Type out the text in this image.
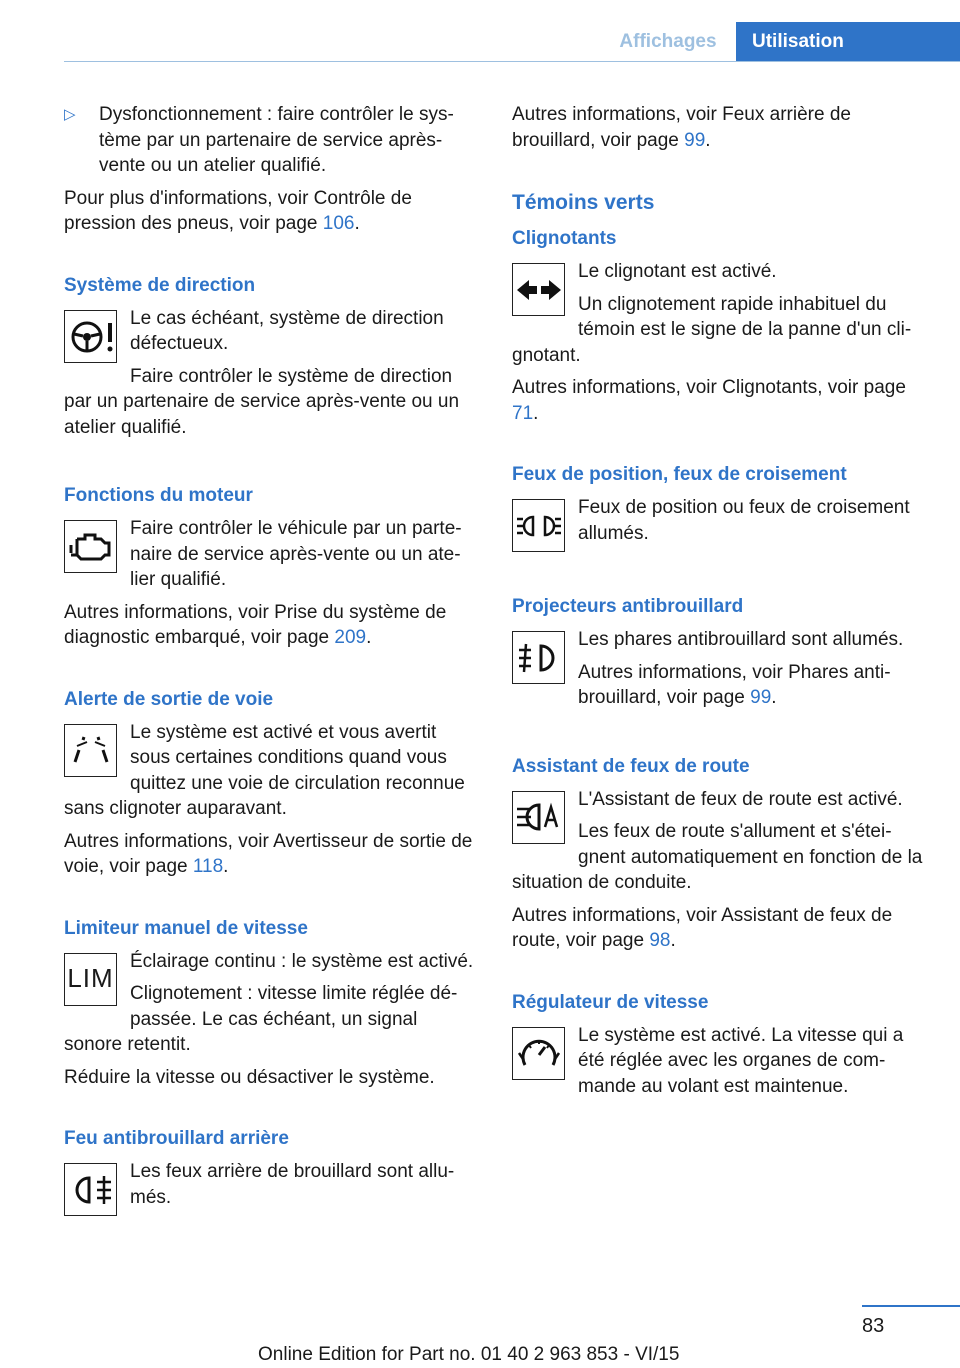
Affichages	Utilisation

▷ Dysfonctionnement : faire contrôler le système par un partenaire de service après-vente ou un atelier qualifié.

Pour plus d'informations, voir Contrôle de pression des pneus, voir page 106.

Système de direction

Le cas échéant, système de direction défectueux.

Faire contrôler le système de direction par un partenaire de service après-vente ou un atelier qualifié.

Fonctions du moteur

Faire contrôler le véhicule par un partenaire de service après-vente ou un atelier qualifié.

Autres informations, voir Prise du système de diagnostic embarqué, voir page 209.

Alerte de sortie de voie

Le système est activé et vous avertit sous certaines conditions quand vous quittez une voie de circulation reconnue sans clignoter auparavant.

Autres informations, voir Avertisseur de sortie de voie, voir page 118.

Limiteur manuel de vitesse
LIM

Éclairage continu : le système est activé.

Clignotement : vitesse limite réglée dépassée. Le cas échéant, un signal sonore retentit.

Réduire la vitesse ou désactiver le système.

Feu antibrouillard arrière

Les feux arrière de brouillard sont allumés.

Autres informations, voir Feux arrière de brouillard, voir page 99.

Témoins verts
Clignotants

Le clignotant est activé.

Un clignotement rapide inhabituel du témoin est le signe de la panne d'un clignotant.

Autres informations, voir Clignotants, voir page 71.

Feux de position, feux de croisement

Feux de position ou feux de croisement allumés.

Projecteurs antibrouillard

Les phares antibrouillard sont allumés.

Autres informations, voir Phares antibrouillard, voir page 99.

Assistant de feux de route

L'Assistant de feux de route est activé.

Les feux de route s'allument et s'éteignent automatiquement en fonction de la situation de conduite.

Autres informations, voir Assistant de feux de route, voir page 98.

Régulateur de vitesse

Le système est activé. La vitesse qui a été réglée avec les organes de commande au volant est maintenue.

83
Online Edition for Part no. 01 40 2 963 853 - VI/15
